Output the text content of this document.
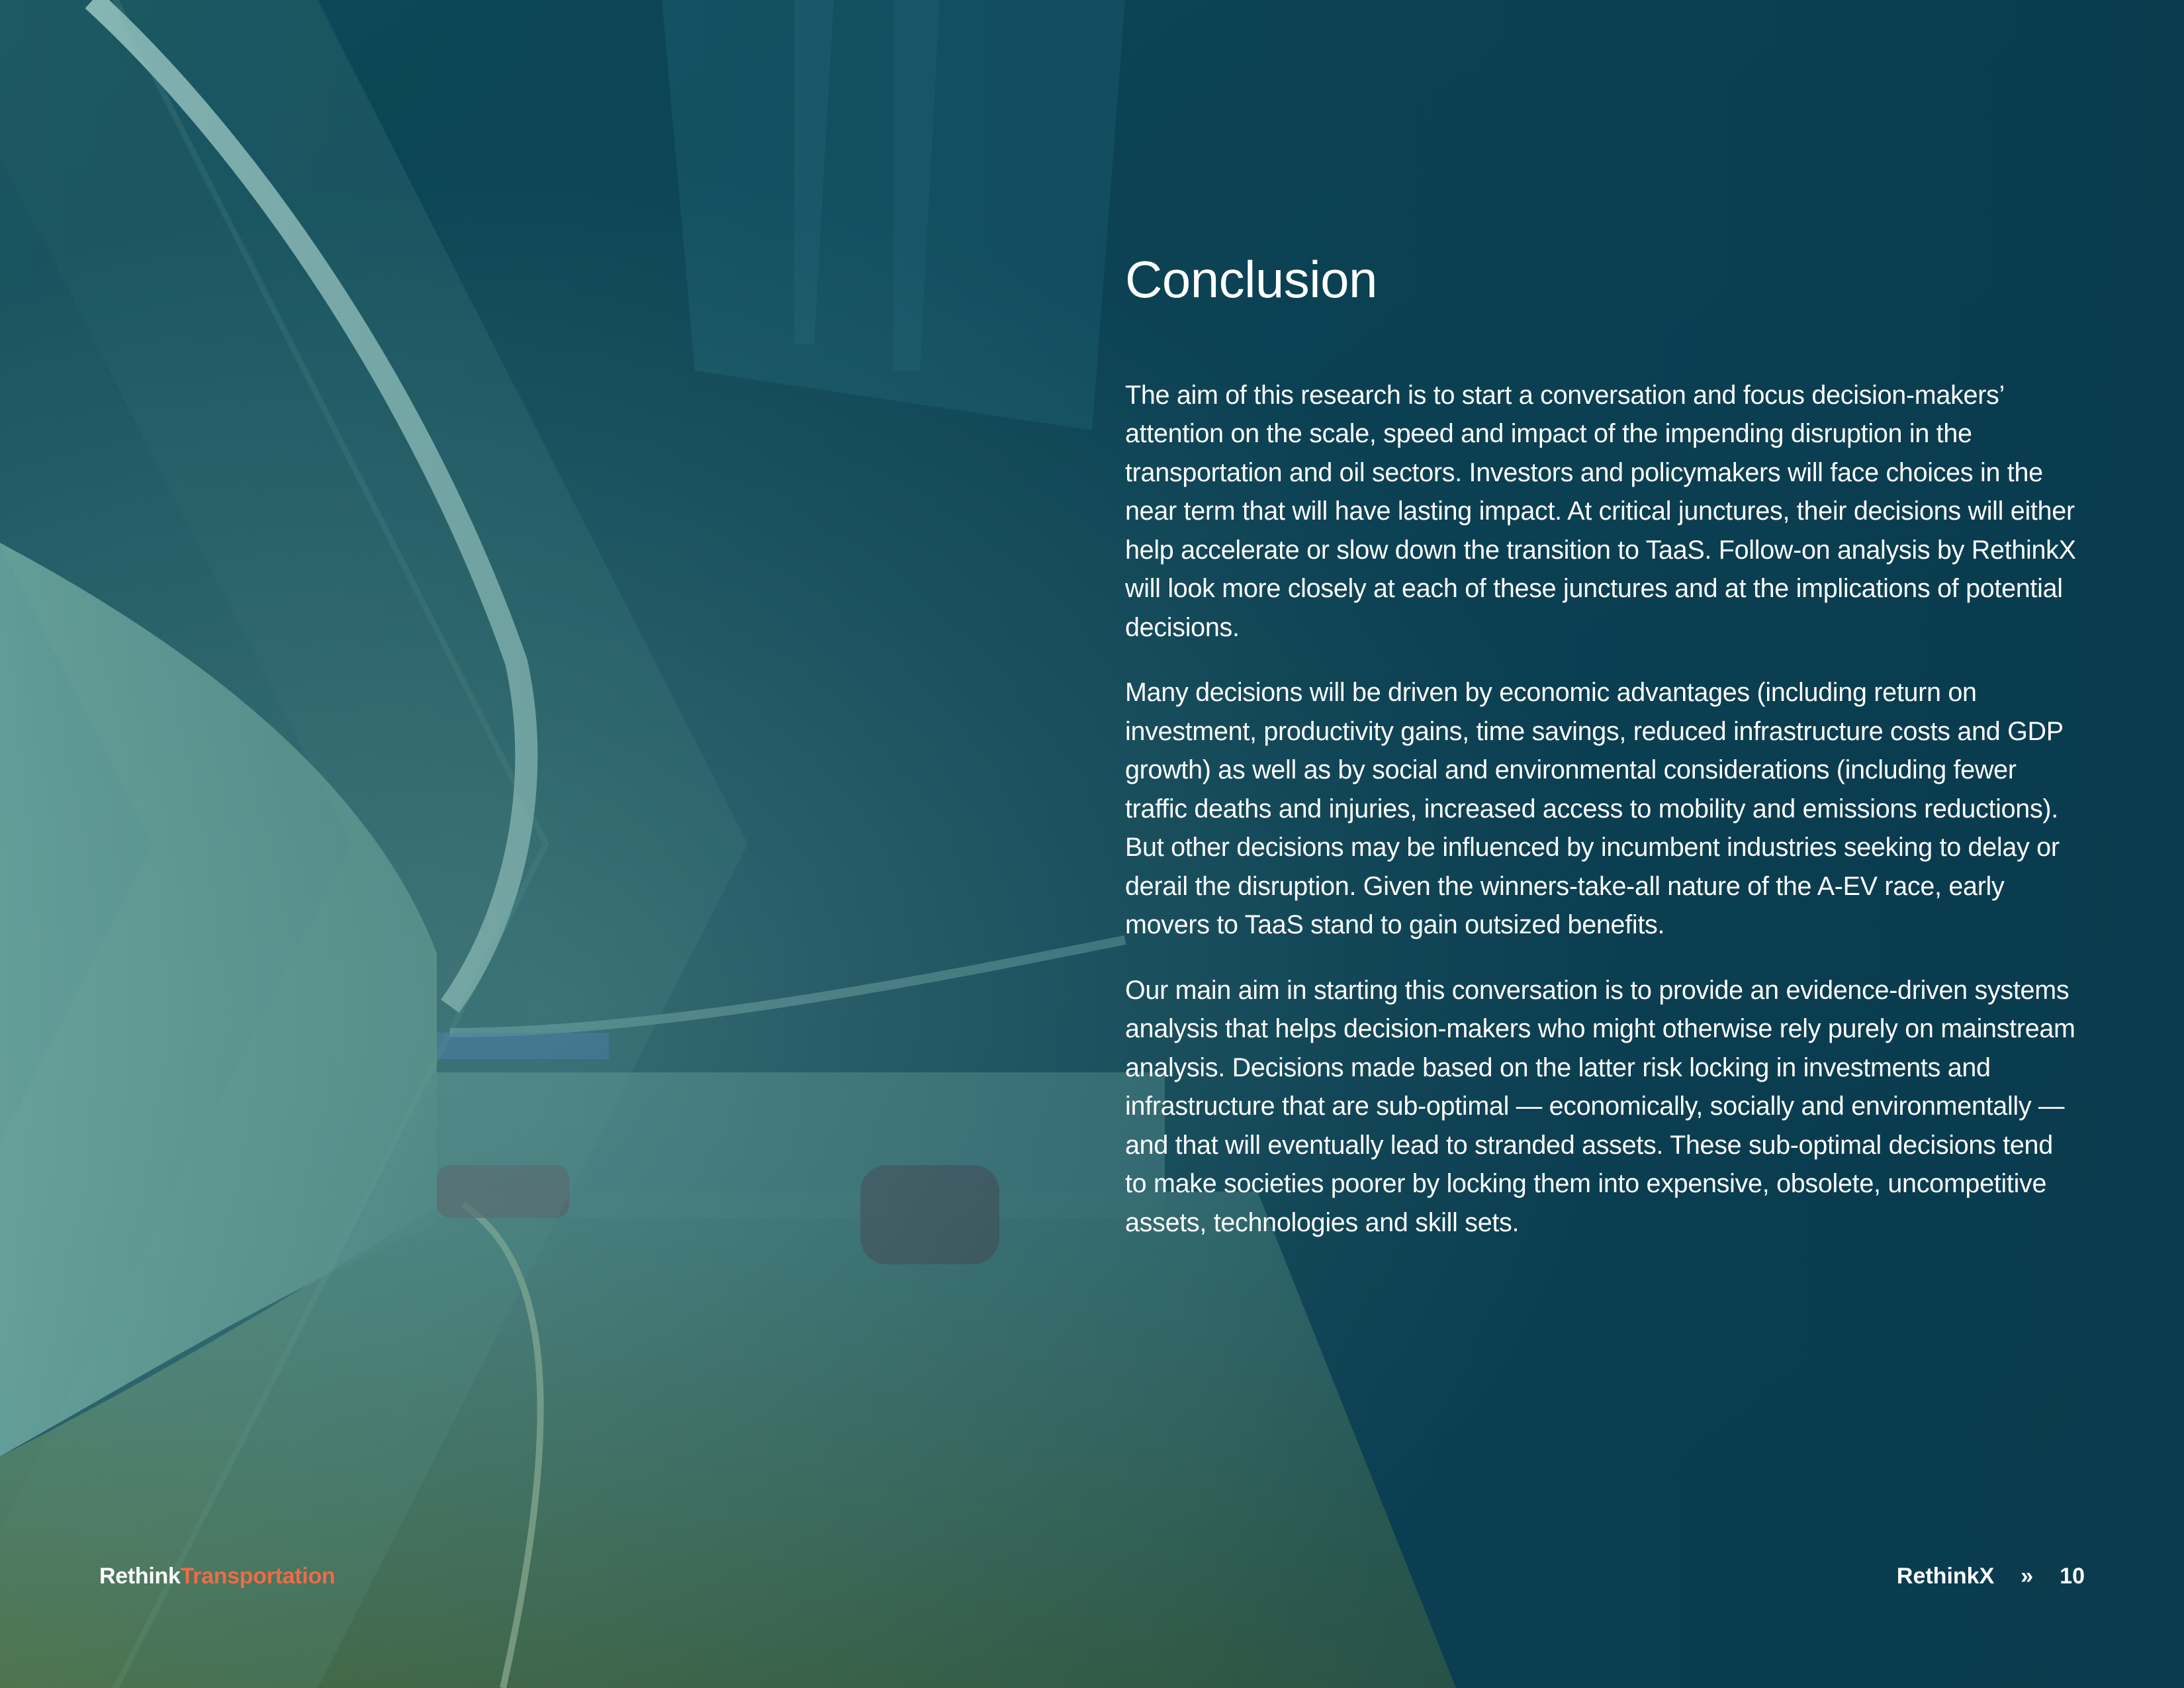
Conclusion

The aim of this research is to start a conversation and focus decision-makers’ attention on the scale, speed and impact of the impending disruption in the transportation and oil sectors. Investors and policymakers will face choices in the near term that will have lasting impact. At critical junctures, their decisions will either help accelerate or slow down the transition to TaaS. Follow-on analysis by RethinkX will look more closely at each of these junctures and at the implications of potential decisions.

Many decisions will be driven by economic advantages (including return on investment, productivity gains, time savings, reduced infrastructure costs and GDP growth) as well as by social and environmental considerations (including fewer traffic deaths and injuries, increased access to mobility and emissions reductions). But other decisions may be influenced by incumbent industries seeking to delay or derail the disruption. Given the winners-take-all nature of the A-EV race, early movers to TaaS stand to gain outsized benefits.

Our main aim in starting this conversation is to provide an evidence-driven systems analysis that helps decision-makers who might otherwise rely purely on mainstream analysis. Decisions made based on the latter risk locking in investments and infrastructure that are sub-optimal — economically, socially and environmentally — and that will eventually lead to stranded assets. These sub-optimal decisions tend to make societies poorer by locking them into expensive, obsolete, uncompetitive assets, technologies and skill sets.

RethinkTransportation	RethinkX » 10
